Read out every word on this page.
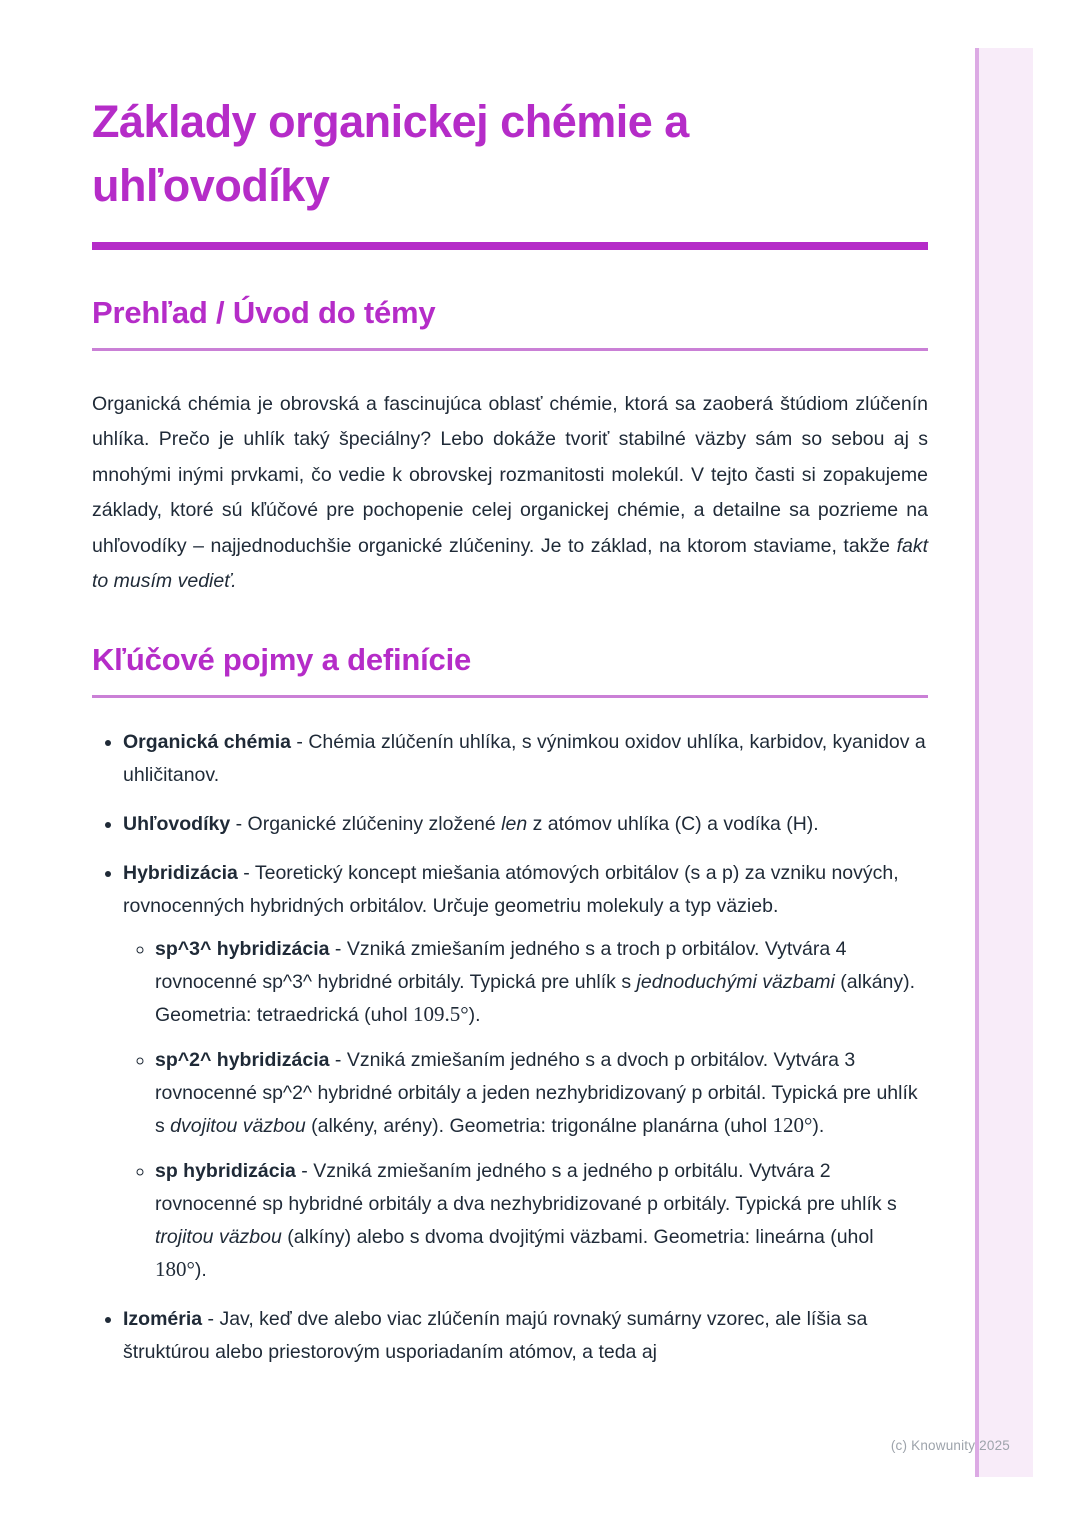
Základy organickej chémie a uhľovodíky
Prehľad / Úvod do témy

Organická chémia je obrovská a fascinujúca oblasť chémie, ktorá sa zaoberá štúdiom zlúčenín uhlíka. Prečo je uhlík taký špeciálny? Lebo dokáže tvoriť stabilné väzby sám so sebou aj s mnohými inými prvkami, čo vedie k obrovskej rozmanitosti molekúl. V tejto časti si zopakujeme základy, ktoré sú kľúčové pre pochopenie celej organickej chémie, a detailne sa pozrieme na uhľovodíky – najjednoduchšie organické zlúčeniny. Je to základ, na ktorom staviame, takže fakt to musím vedieť.

Kľúčové pojmy a definície
• Organická chémia - Chémia zlúčenín uhlíka, s výnimkou oxidov uhlíka, karbidov, kyanidov a uhličitanov.
• Uhľovodíky - Organické zlúčeniny zložené len z atómov uhlíka (C) a vodíka (H).
• Hybridizácia - Teoretický koncept miešania atómových orbitálov (s a p) za vzniku nových, rovnocenných hybridných orbitálov. Určuje geometriu molekuly a typ väzieb.
◦ sp^3^ hybridizácia - Vzniká zmiešaním jedného s a troch p orbitálov. Vytvára 4 rovnocenné sp^3^ hybridné orbitály. Typická pre uhlík s jednoduchými väzbami (alkány). Geometria: tetraedrická (uhol 109.5°).
◦ sp^2^ hybridizácia - Vzniká zmiešaním jedného s a dvoch p orbitálov. Vytvára 3 rovnocenné sp^2^ hybridné orbitály a jeden nezhybridizovaný p orbitál. Typická pre uhlík s dvojitou väzbou (alkény, arény). Geometria: trigonálne planárna (uhol 120°).
◦ sp hybridizácia - Vzniká zmiešaním jedného s a jedného p orbitálu. Vytvára 2 rovnocenné sp hybridné orbitály a dva nezhybridizované p orbitály. Typická pre uhlík s trojitou väzbou (alkíny) alebo s dvoma dvojitými väzbami. Geometria: lineárna (uhol 180°).
• Izoméria - Jav, keď dve alebo viac zlúčenín majú rovnaký sumárny vzorec, ale líšia sa štruktúrou alebo priestorovým usporiadaním atómov, a teda aj
(c) Knowunity 2025
